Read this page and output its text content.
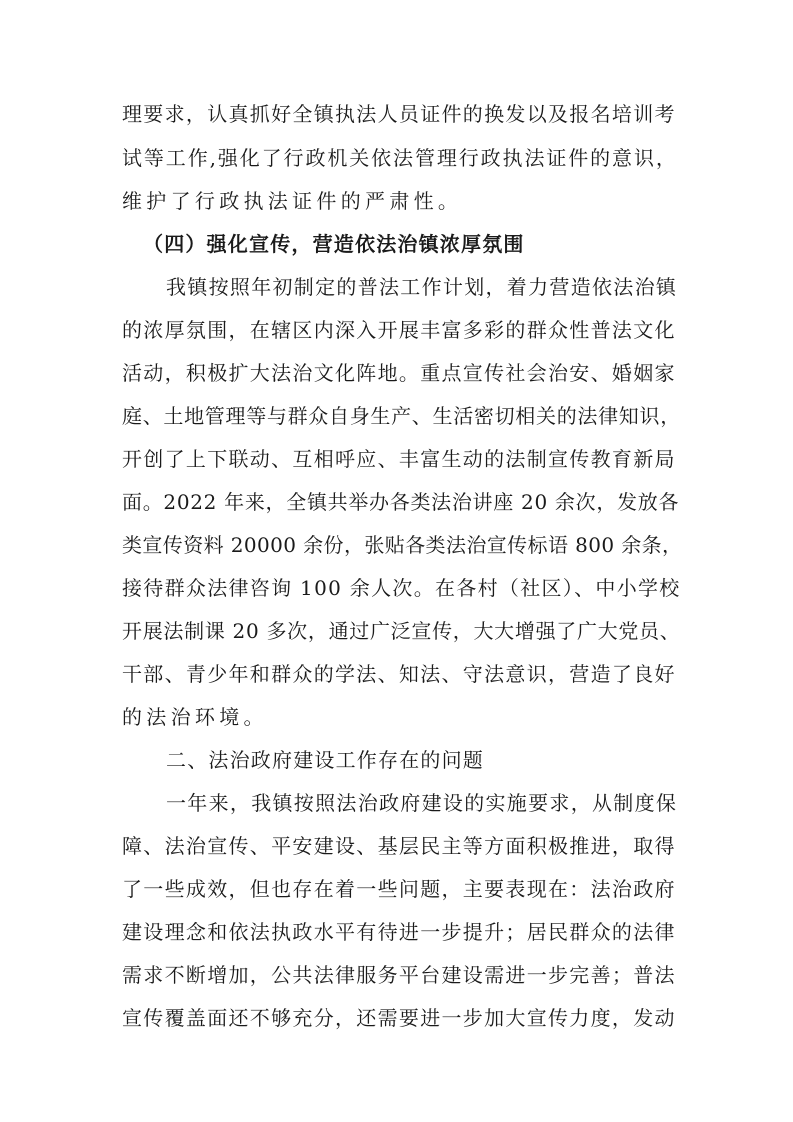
理要求，认真抓好全镇执法人员证件的换发以及报名培训考
试等工作,强化了行政机关依法管理行政执法证件的意识，
维护了行政执法证件的严肃性。
（四）强化宣传，营造依法治镇浓厚氛围
我镇按照年初制定的普法工作计划，着力营造依法治镇
的浓厚氛围，在辖区内深入开展丰富多彩的群众性普法文化
活动，积极扩大法治文化阵地。重点宣传社会治安、婚姻家
庭、土地管理等与群众自身生产、生活密切相关的法律知识，
开创了上下联动、互相呼应、丰富生动的法制宣传教育新局
面。2022 年来，全镇共举办各类法治讲座 20 余次，发放各
类宣传资料 20000 余份，张贴各类法治宣传标语 800 余条，
接待群众法律咨询 100 余人次。在各村（社区）、中小学校
开展法制课 20 多次，通过广泛宣传，大大增强了广大党员、
干部、青少年和群众的学法、知法、守法意识，营造了良好
的法治环境。
二、法治政府建设工作存在的问题
一年来，我镇按照法治政府建设的实施要求，从制度保
障、法治宣传、平安建设、基层民主等方面积极推进，取得
了一些成效，但也存在着一些问题，主要表现在：法治政府
建设理念和依法执政水平有待进一步提升；居民群众的法律
需求不断增加，公共法律服务平台建设需进一步完善；普法
宣传覆盖面还不够充分，还需要进一步加大宣传力度，发动
